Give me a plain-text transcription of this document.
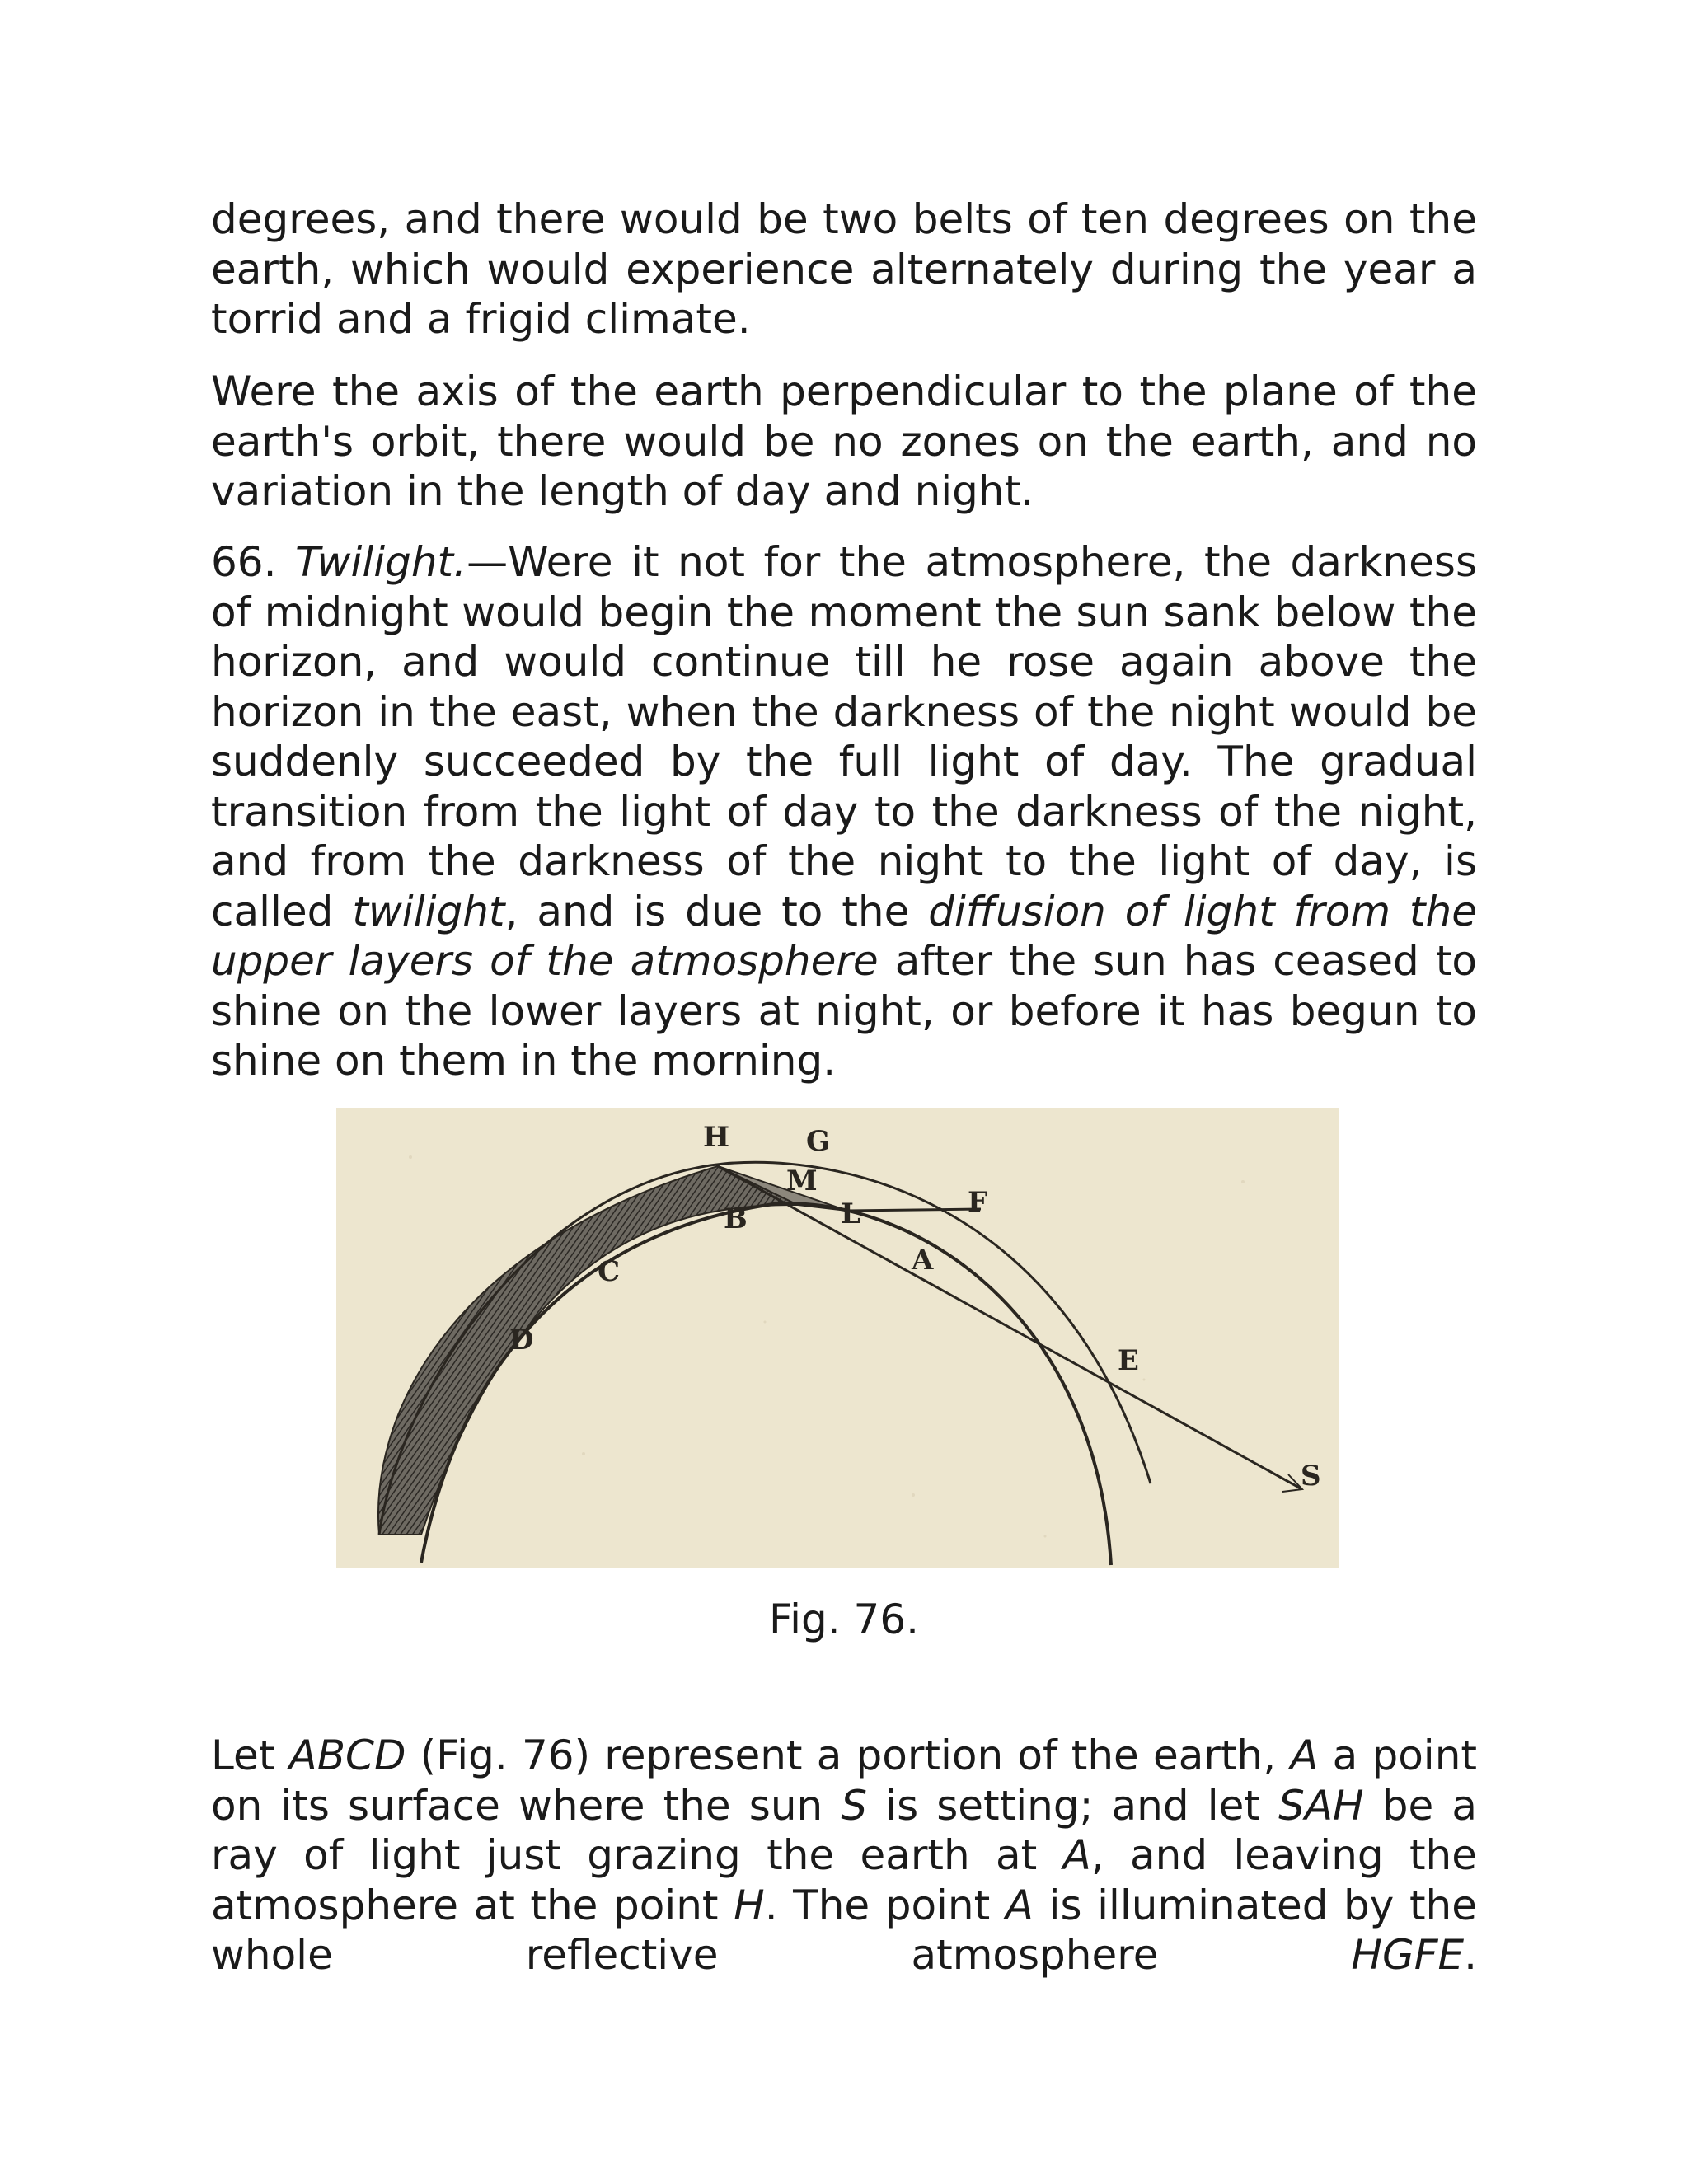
degrees, and there would be two belts of ten degrees on the earth, which would experience alternately during the year a torrid and a frigid climate.

Were the axis of the earth perpendicular to the plane of the earth's orbit, there would be no zones on the earth, and no variation in the length of day and night.

66. Twilight.—Were it not for the atmosphere, the darkness of midnight would begin the moment the sun sank below the horizon, and would continue till he rose again above the horizon in the east, when the darkness of the night would be suddenly succeeded by the full light of day. The gradual transition from the light of day to the darkness of the night, and from the darkness of the night to the light of day, is called twilight, and is due to the diffusion of light from the upper layers of the atmosphere after the sun has ceased to shine on the lower layers at night, or before it has begun to shine on them in the morning.

H	G
M
L	F
B
C	A
D
E
S

Fig. 76.

Let ABCD (Fig. 76) represent a portion of the earth, A a point on its surface where the sun S is setting; and let SAH be a ray of light just grazing the earth at A, and leaving the atmosphere at the point H. The point A is illuminated by the whole reflective atmosphere HGFE.
